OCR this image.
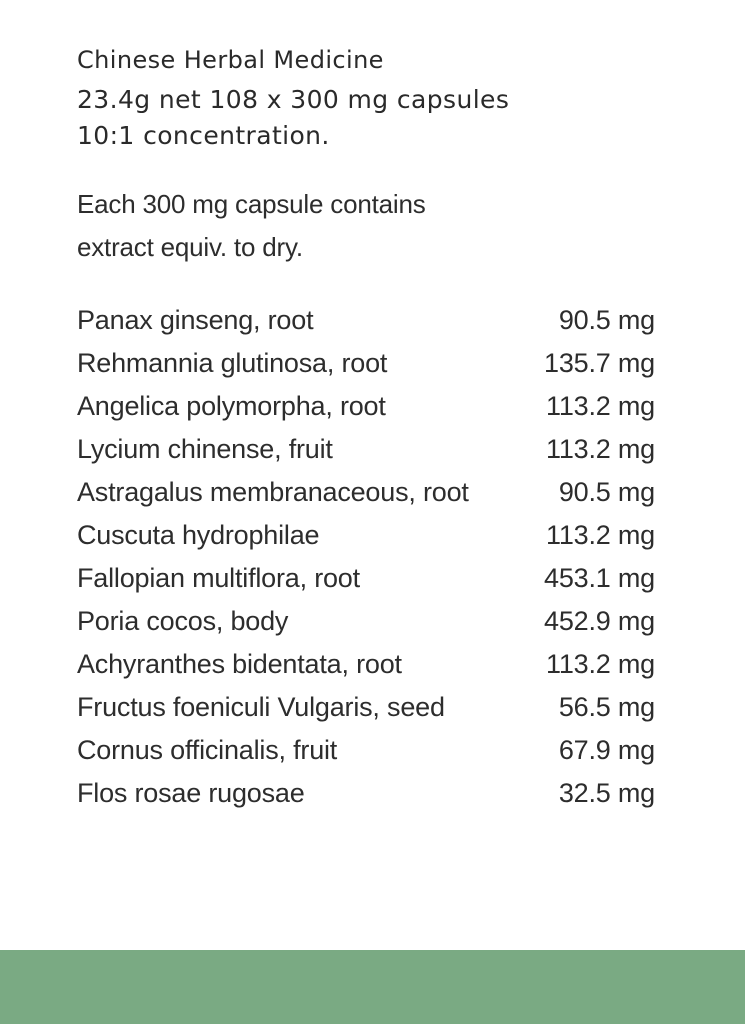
Chinese Herbal Medicine

23.4g net 108 x 300 mg capsules

10:1 concentration.

Each 300 mg capsule contains
extract equiv. to dry.
Panax ginseng, root	90.5 mg
Rehmannia glutinosa, root	135.7 mg
Angelica polymorpha, root	113.2 mg
Lycium chinense, fruit	113.2 mg
Astragalus membranaceous, root	90.5 mg
Cuscuta hydrophilae	113.2 mg
Fallopian multiflora, root	453.1 mg
Poria cocos, body	452.9 mg
Achyranthes bidentata, root	113.2 mg
Fructus foeniculi Vulgaris, seed	56.5 mg
Cornus officinalis, fruit	67.9 mg
Flos rosae rugosae	32.5 mg
